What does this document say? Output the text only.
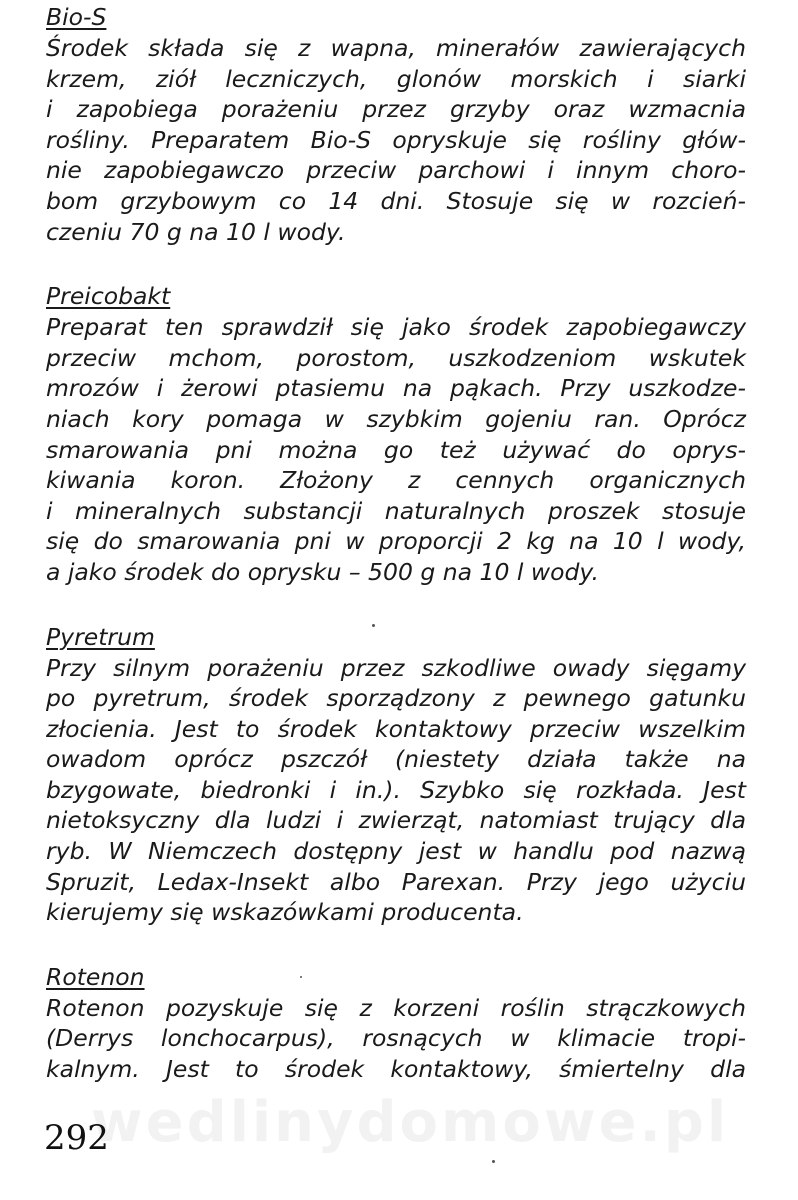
Bio-S
Środek składa się z wapna, minerałów zawierających
krzem, ziół leczniczych, glonów morskich i siarki
i zapobiega porażeniu przez grzyby oraz wzmacnia
rośliny. Preparatem Bio-S opryskuje się rośliny głów-
nie zapobiegawczo przeciw parchowi i innym choro-
bom grzybowym co 14 dni. Stosuje się w rozcień-
czeniu 70 g na 10 l wody.
Preicobakt
Preparat ten sprawdził się jako środek zapobiegawczy
przeciw mchom, porostom, uszkodzeniom wskutek
mrozów i żerowi ptasiemu na pąkach. Przy uszkodze-
niach kory pomaga w szybkim gojeniu ran. Oprócz
smarowania pni można go też używać do oprys-
kiwania koron. Złożony z cennych organicznych
i mineralnych substancji naturalnych proszek stosuje
się do smarowania pni w proporcji 2 kg na 10 l wody,
a jako środek do oprysku – 500 g na 10 l wody.
Pyretrum
Przy silnym porażeniu przez szkodliwe owady sięgamy
po pyretrum, środek sporządzony z pewnego gatunku
złocienia. Jest to środek kontaktowy przeciw wszelkim
owadom oprócz pszczół (niestety działa także na
bzygowate, biedronki i in.). Szybko się rozkłada. Jest
nietoksyczny dla ludzi i zwierząt, natomiast trujący dla
ryb. W Niemczech dostępny jest w handlu pod nazwą
Spruzit, Ledax-Insekt albo Parexan. Przy jego użyciu
kierujemy się wskazówkami producenta.
Rotenon
Rotenon pozyskuje się z korzeni roślin strączkowych
(Derrys lonchocarpus), rosnących w klimacie tropi-
kalnym. Jest to środek kontaktowy, śmiertelny dla
wedlinydomowe.pl
292
